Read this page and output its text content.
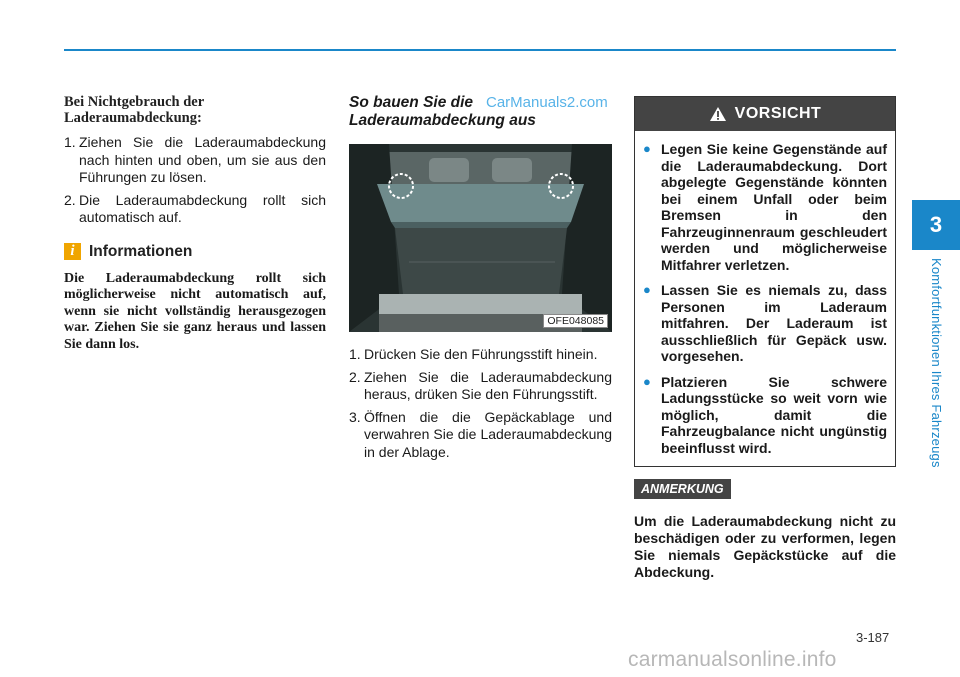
3
Komfortfunktionen Ihres Fahrzeugs

Bei Nichtgebrauch der Laderaumabdeckung:

1. Ziehen Sie die Laderaumabdeckung nach hinten und oben, um sie aus den Führungen zu lösen.
2. Die Laderaumabdeckung rollt sich automatisch auf.
i Informationen

Die Laderaumabdeckung rollt sich möglicherweise nicht automatisch auf, wenn sie nicht vollständig herausgezogen war. Ziehen Sie sie ganz heraus und lassen Sie dann los.

So bauen Sie die Laderaumabdeckung aus
CarManuals2.com

OFE048085
1. Drücken Sie den Führungsstift hinein.
2. Ziehen Sie die Laderaumabdeckung heraus, drüken Sie den Führungsstift.
3. Öffnen die die Gepäckablage und verwahren Sie die Laderaumabdeckung in der Ablage.
VORSICHT
● Legen Sie keine Gegenstände auf die Laderaumabdeckung. Dort abgelegte Gegenstände könnten bei einem Unfall oder beim Bremsen in den Fahrzeuginnenraum geschleudert werden und möglicherweise Mitfahrer verletzen.
● Lassen Sie es niemals zu, dass Personen im Laderaum mitfahren. Der Laderaum ist ausschließlich für Gepäck usw. vorgesehen.
● Platzieren Sie schwere Ladungsstücke so weit vorn wie möglich, damit die Fahrzeugbalance nicht ungünstig beeinflusst wird.
ANMERKUNG

Um die Laderaumabdeckung nicht zu beschädigen oder zu verformen, legen Sie niemals Gepäckstücke auf die Abdeckung.

3-187
carmanualsonline.info
